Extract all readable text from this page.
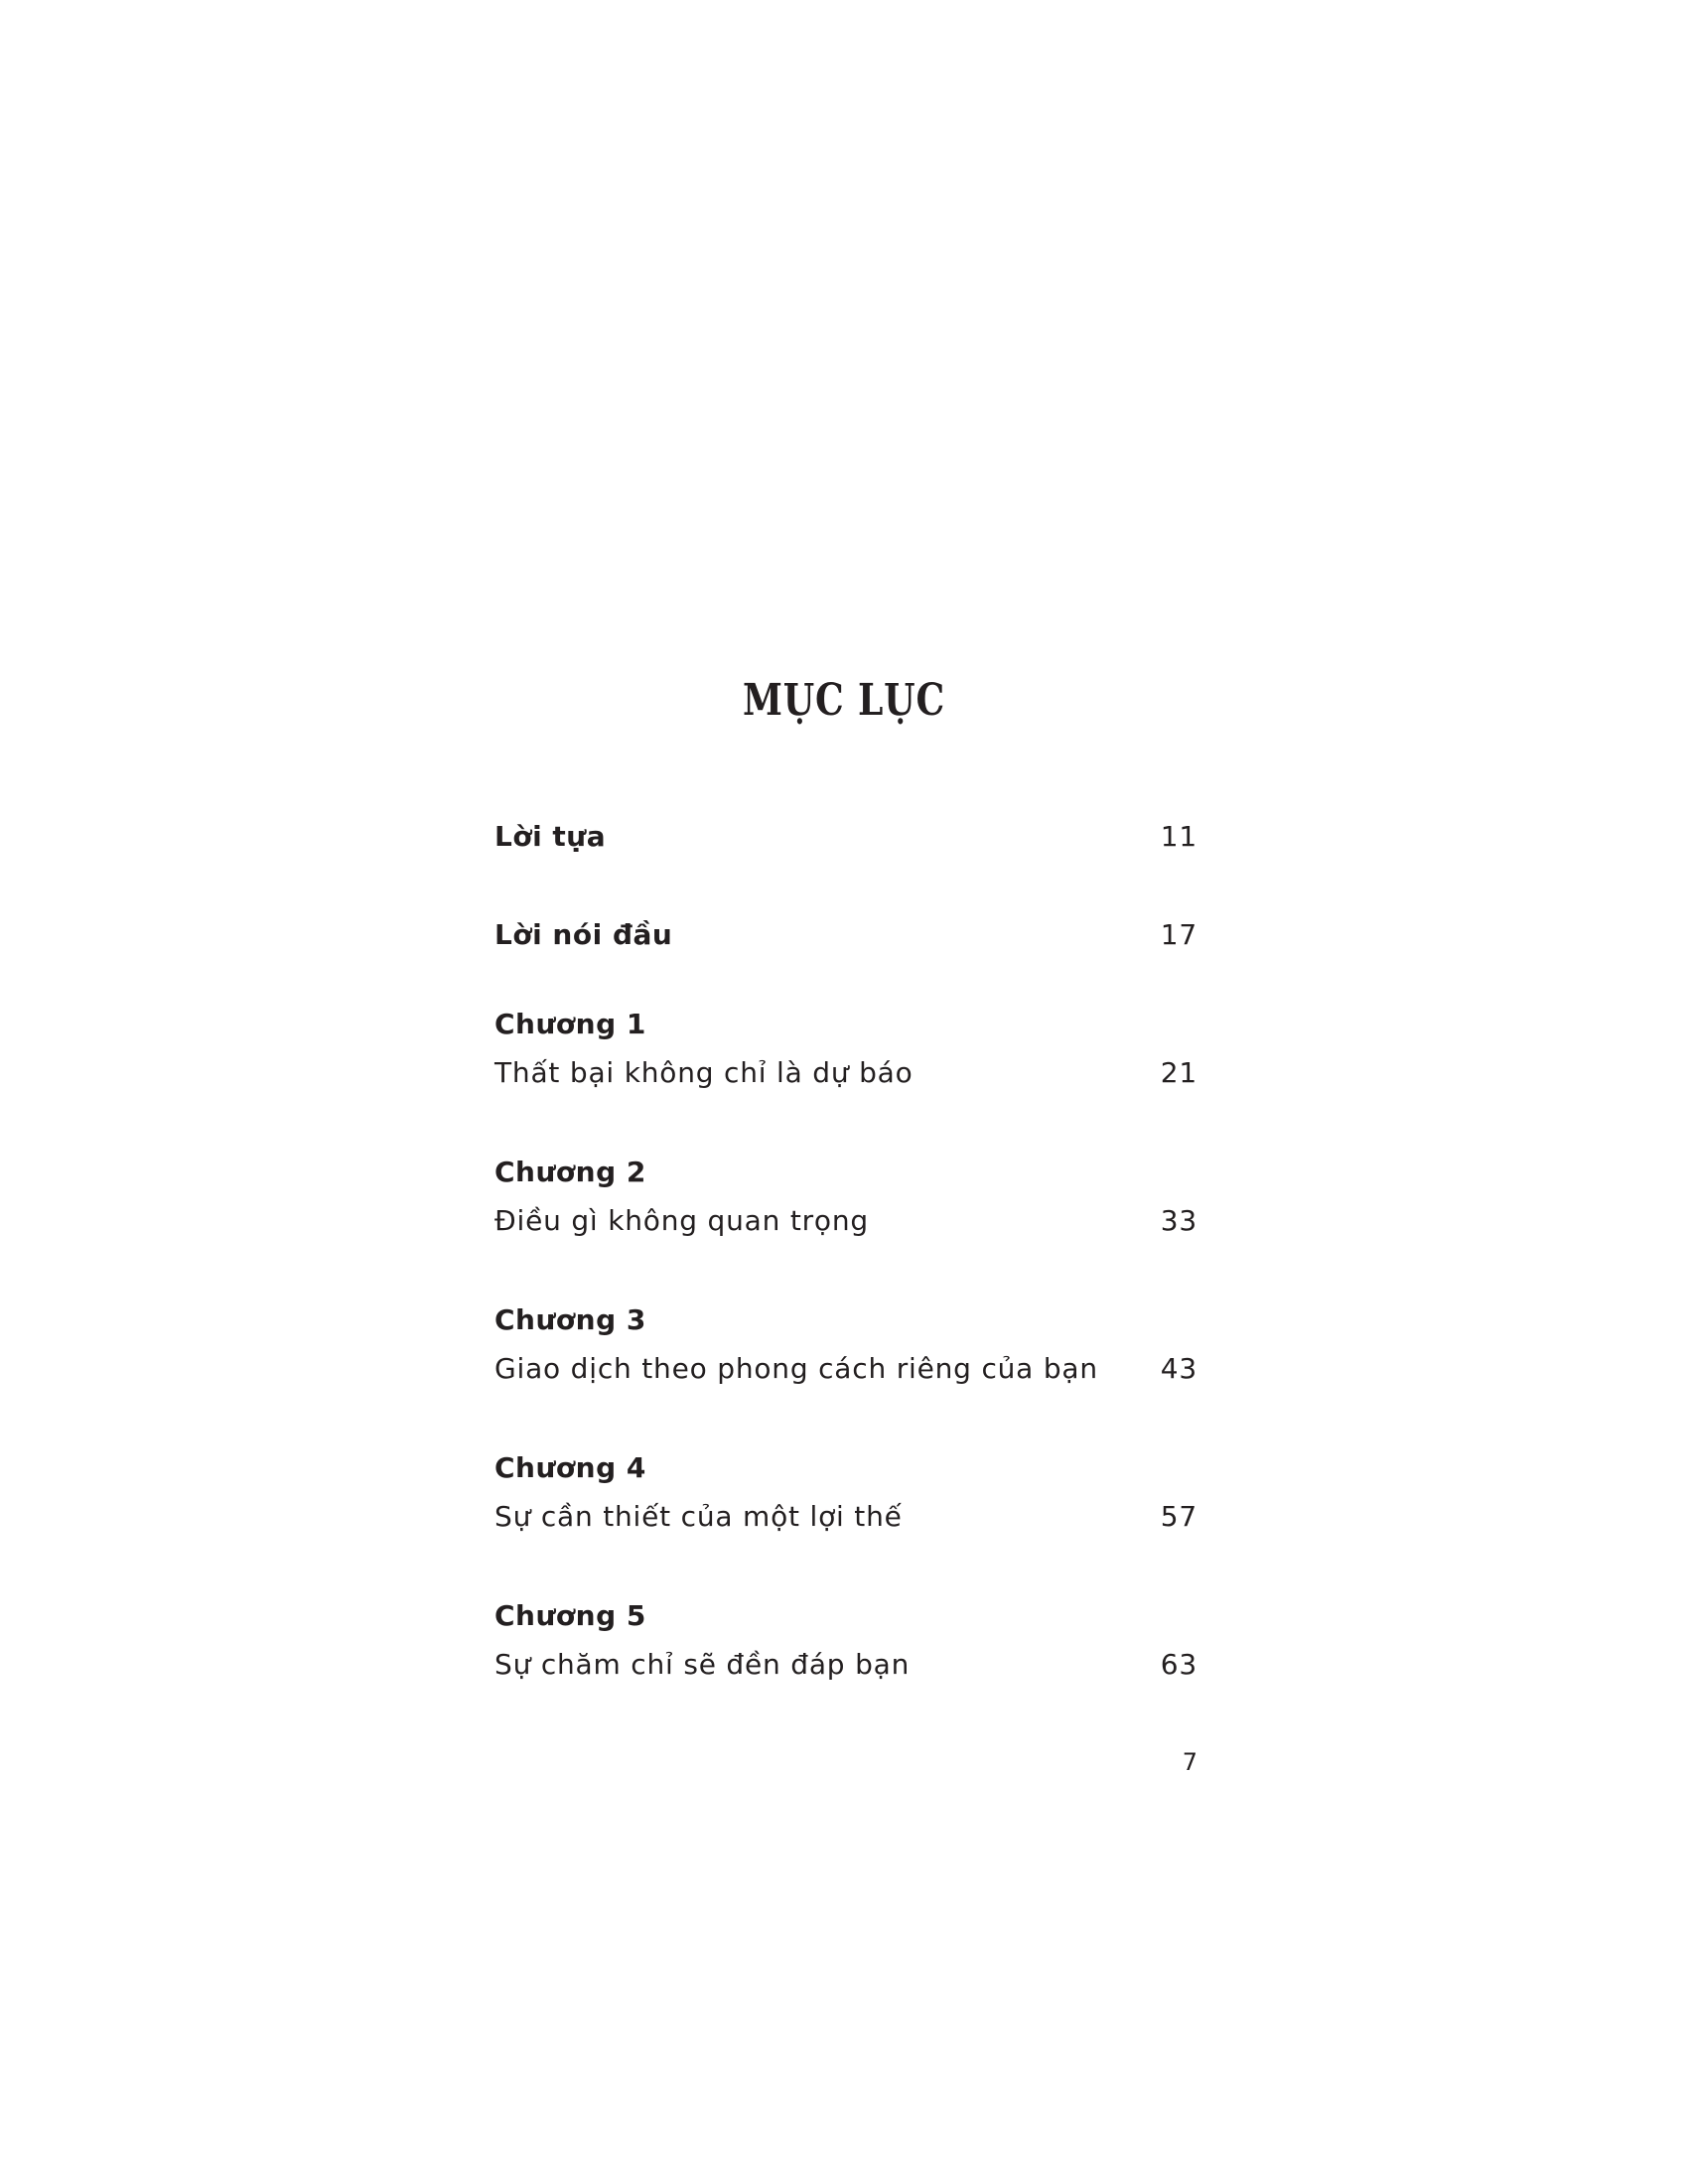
MỤC LỤC
Lời tựa	11
Lời nói đầu	17
Chương 1
Thất bại không chỉ là dự báo	21
Chương 2
Điều gì không quan trọng	33
Chương 3
Giao dịch theo phong cách riêng của bạn 43
Chương 4
Sự cần thiết của một lợi thế	57
Chương 5
Sự chăm chỉ sẽ đền đáp bạn	63
7
